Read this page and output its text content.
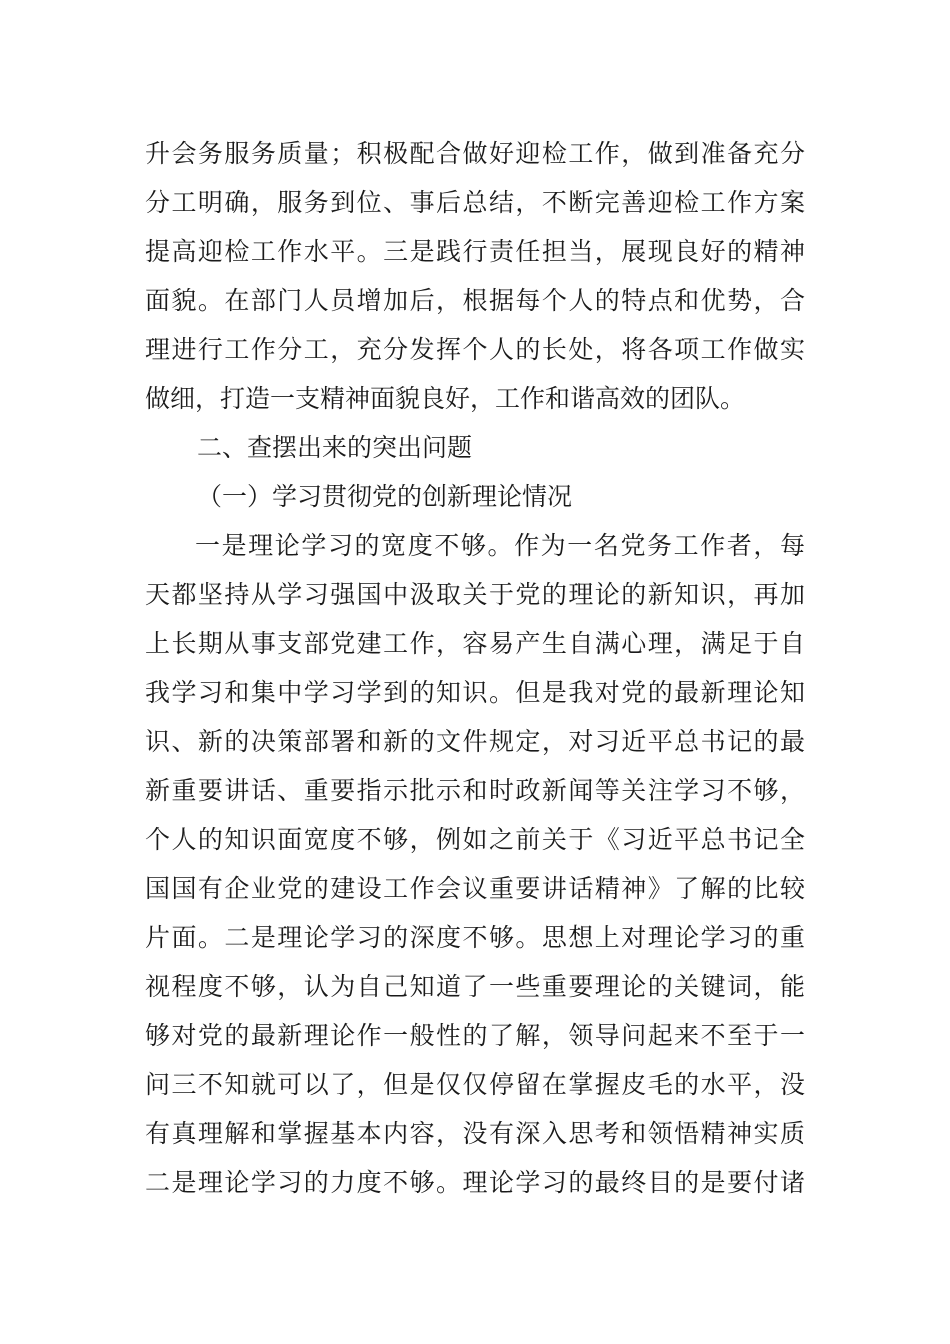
升会务服务质量；积极配合做好迎检工作，做到准备充分
分工明确，服务到位、事后总结，不断完善迎检工作方案
提高迎检工作水平。三是践行责任担当，展现良好的精神
面貌。在部门人员增加后，根据每个人的特点和优势，合
理进行工作分工，充分发挥个人的长处，将各项工作做实
做细，打造一支精神面貌良好，工作和谐高效的团队。
二、查摆出来的突出问题
（一）学习贯彻党的创新理论情况
一是理论学习的宽度不够。作为一名党务工作者，每
天都坚持从学习强国中汲取关于党的理论的新知识，再加
上长期从事支部党建工作，容易产生自满心理，满足于自
我学习和集中学习学到的知识。但是我对党的最新理论知
识、新的决策部署和新的文件规定，对习近平总书记的最
新重要讲话、重要指示批示和时政新闻等关注学习不够，
个人的知识面宽度不够，例如之前关于《习近平总书记全
国国有企业党的建设工作会议重要讲话精神》了解的比较
片面。二是理论学习的深度不够。思想上对理论学习的重
视程度不够，认为自己知道了一些重要理论的关键词，能
够对党的最新理论作一般性的了解，领导问起来不至于一
问三不知就可以了，但是仅仅停留在掌握皮毛的水平，没
有真理解和掌握基本内容，没有深入思考和领悟精神实质
二是理论学习的力度不够。理论学习的最终目的是要付诸
